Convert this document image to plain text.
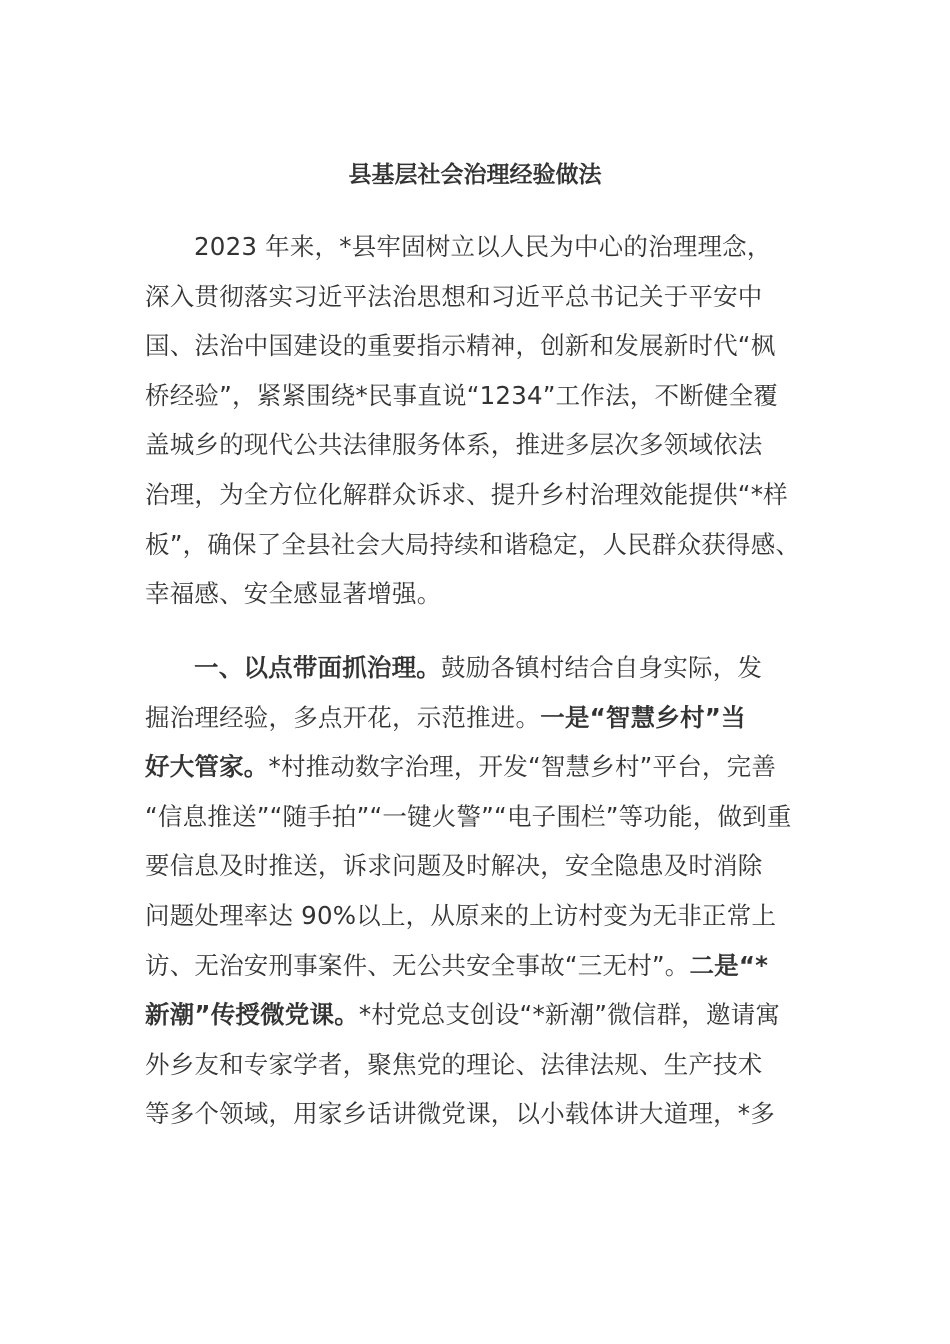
县基层社会治理经验做法

2023 年来，*县牢固树立以人民为中心的治理理念，
深入贯彻落实习近平法治思想和习近平总书记关于平安中
国、法治中国建设的重要指示精神，创新和发展新时代“枫
桥经验”，紧紧围绕*民事直说“1234”工作法，不断健全覆
盖城乡的现代公共法律服务体系，推进多层次多领域依法
治理，为全方位化解群众诉求、提升乡村治理效能提供“*样
板”，确保了全县社会大局持续和谐稳定，人民群众获得感、
幸福感、安全感显著增强。

一、以点带面抓治理。鼓励各镇村结合自身实际，发
掘治理经验，多点开花，示范推进。一是“智慧乡村”当
好大管家。*村推动数字治理，开发“智慧乡村”平台，完善
“信息推送”“随手拍”“一键火警”“电子围栏”等功能，做到重
要信息及时推送，诉求问题及时解决，安全隐患及时消除
问题处理率达 90%以上，从原来的上访村变为无非正常上
访、无治安刑事案件、无公共安全事故“三无村”。二是“*
新潮”传授微党课。*村党总支创设“*新潮”微信群，邀请寓
外乡友和专家学者，聚焦党的理论、法律法规、生产技术
等多个领域，用家乡话讲微党课，以小载体讲大道理，*多
